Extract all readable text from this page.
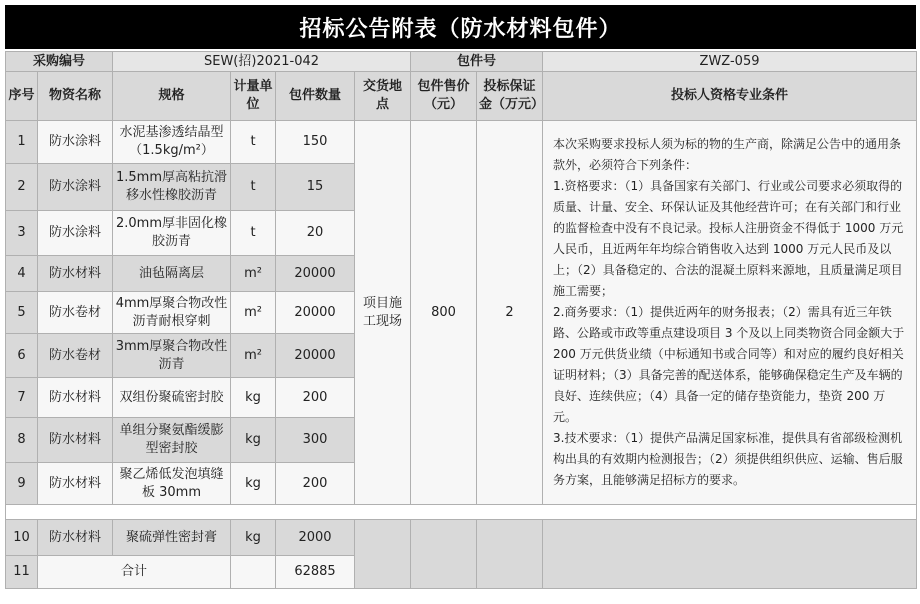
招标公告附表（防水材料包件）
采购编号		SEW(招)2021-042				包件号		ZWZ-059
序号	物资名称	规格	计量单位	包件数量	交货地点	包件售价（元）	投标保证金（万元）	投标人资格专业条件
1	防水涂料	水泥基渗透结晶型（1.5kg/m²）	t	150	项目施工现场	800	2	本次采购要求投标人须为标的物的生产商，除满足公告中的通用条款外，必须符合下列条件：
1.资格要求：（1）具备国家有关部门、行业或公司要求必须取得的质量、计量、安全、环保认证及其他经营许可；在有关部门和行业的监督检查中没有不良记录。投标人注册资金不得低于 1000 万元人民币，且近两年年均综合销售收入达到 1000 万元人民币及以上；（2）具备稳定的、合法的混凝土原料来源地，且质量满足项目施工需要；
2.商务要求：（1）提供近两年的财务报表；（2）需具有近三年铁路、公路或市政等重点建设项目 3 个及以上同类物资合同金额大于 200 万元供货业绩（中标通知书或合同等）和对应的履约良好相关证明材料；（3）具备完善的配送体系，能够确保稳定生产及车辆的良好、连续供应；（4）具备一定的储存垫资能力，垫资 200 万元。
3.技术要求：（1）提供产品满足国家标准，提供具有省部级检测机构出具的有效期内检测报告；（2）须提供组织供应、运输、售后服务方案，且能够满足招标方的要求。
2	防水涂料	1.5mm厚高粘抗滑移水性橡胶沥青	t	15				
3	防水涂料	2.0mm厚非固化橡胶沥青	t	20				
4	防水材料	油毡隔离层	m²	20000				
5	防水卷材	4mm厚聚合物改性沥青耐根穿刺	m²	20000				
6	防水卷材	3mm厚聚合物改性沥青	m²	20000				
7	防水材料	双组份聚硫密封胶	kg	200				
8	防水材料	单组分聚氨酯缓膨型密封胶	kg	300				
9	防水材料	聚乙烯低发泡填缝板 30mm	kg	200				

10	防水材料	聚硫弹性密封膏	kg	2000				
11	合计			62885				
